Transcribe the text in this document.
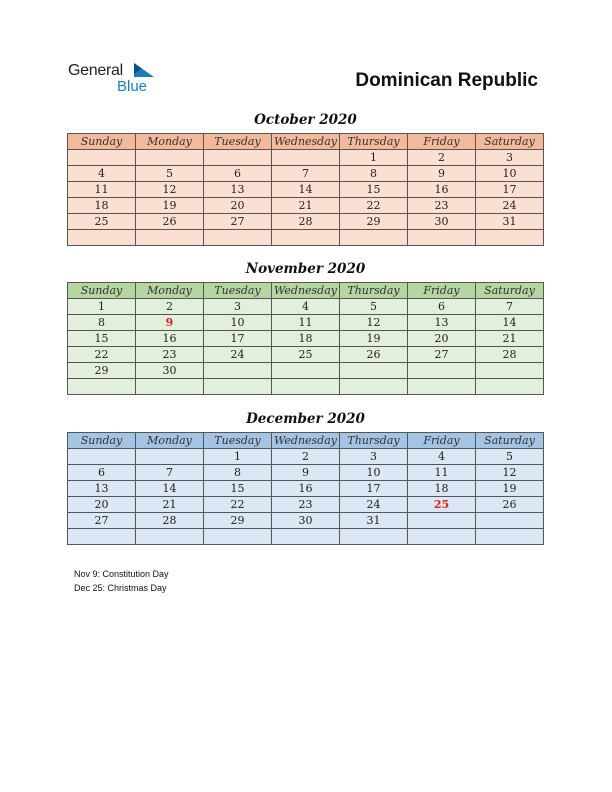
General
Blue	Dominican Republic
October 2020
Sunday	Monday	Tuesday	Wednesday	Thursday	Friday	Saturday
				1	2	3
4	5	6	7	8	9	10
11	12	13	14	15	16	17
18	19	20	21	22	23	24
25	26	27	28	29	30	31

November 2020
Sunday	Monday	Tuesday	Wednesday	Thursday	Friday	Saturday
1	2	3	4	5	6	7
8	9	10	11	12	13	14
15	16	17	18	19	20	21
22	23	24	25	26	27	28
29	30					

December 2020
Sunday	Monday	Tuesday	Wednesday	Thursday	Friday	Saturday
		1	2	3	4	5
6	7	8	9	10	11	12
13	14	15	16	17	18	19
20	21	22	23	24	25	26
27	28	29	30	31		

Nov 9: Constitution Day
Dec 25: Christmas Day
